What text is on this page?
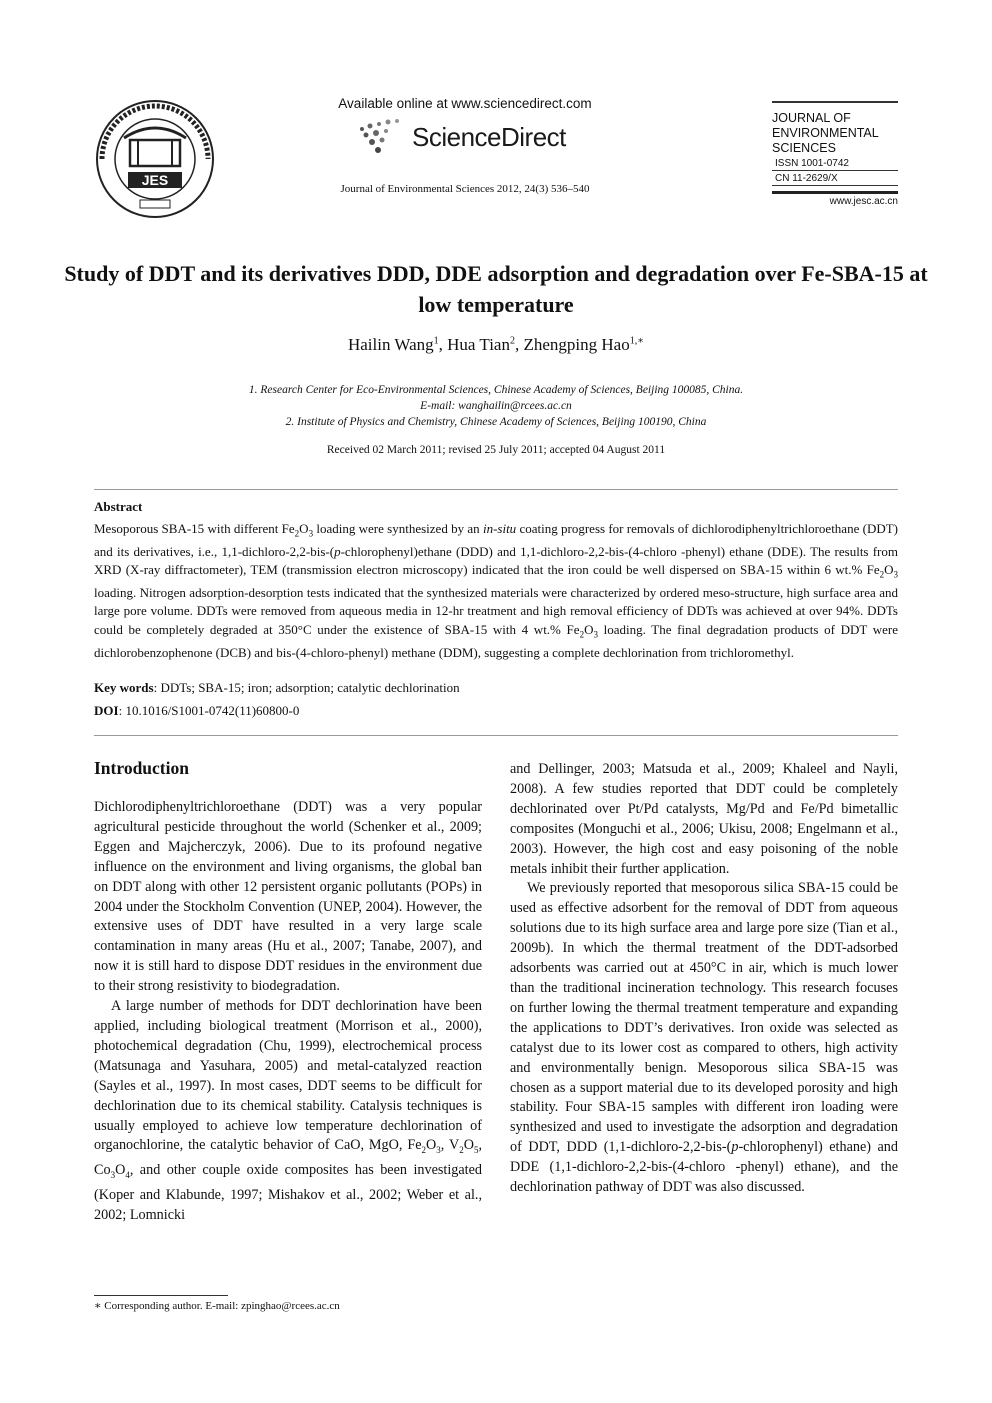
JES
Available online at www.sciencedirect.com
ScienceDirect
Journal of Environmental Sciences 2012, 24(3) 536–540
JOURNAL OF
ENVIRONMENTAL
SCIENCES
ISSN 1001-0742
CN 11-2629/X
www.jesc.ac.cn
Study of DDT and its derivatives DDD, DDE adsorption and degradation over Fe-SBA-15 at low temperature
Hailin Wang$^1$, Hua Tian$^2$, Zhengping Hao$^{1,∗}$
1. Research Center for Eco-Environmental Sciences, Chinese Academy of Sciences, Beijing 100085, China.
E-mail: wanghailin@rcees.ac.cn
2. Institute of Physics and Chemistry, Chinese Academy of Sciences, Beijing 100190, China
Received 02 March 2011; revised 25 July 2011; accepted 04 August 2011
Abstract
Mesoporous SBA-15 with different $Fe_2O_3$ loading were synthesized by an in-situ coating progress for removals of dichlorodiphenyltrichloroethane (DDT) and its derivatives, i.e., 1,1-dichloro-2,2-bis-(p-chlorophenyl)ethane (DDD) and 1,1-dichloro-2,2-bis-(4-chloro -phenyl) ethane (DDE). The results from XRD (X-ray diffractometer), TEM (transmission electron microscopy) indicated that the iron could be well dispersed on SBA-15 within 6 wt.% $Fe_2O_3$ loading. Nitrogen adsorption-desorption tests indicated that the synthesized materials were characterized by ordered meso-structure, high surface area and large pore volume. DDTs were removed from aqueous media in 12-hr treatment and high removal efficiency of DDTs was achieved at over 94%. DDTs could be completely degraded at 350°C under the existence of SBA-15 with 4 wt.% $Fe_2O_3$ loading. The final degradation products of DDT were dichlorobenzophenone (DCB) and bis-(4-chloro-phenyl) methane (DDM), suggesting a complete dechlorination from trichloromethyl.
Key words: DDTs; SBA-15; iron; adsorption; catalytic dechlorination
DOI: 10.1016/S1001-0742(11)60800-0
Introduction

Dichlorodiphenyltrichloroethane (DDT) was a very popular agricultural pesticide throughout the world (Schenker et al., 2009; Eggen and Majcherczyk, 2006). Due to its profound negative influence on the environment and living organisms, the global ban on DDT along with other 12 persistent organic pollutants (POPs) in 2004 under the Stockholm Convention (UNEP, 2004). However, the extensive uses of DDT have resulted in a very large scale contamination in many areas (Hu et al., 2007; Tanabe, 2007), and now it is still hard to dispose DDT residues in the environment due to their strong resistivity to biodegradation.

A large number of methods for DDT dechlorination have been applied, including biological treatment (Morrison et al., 2000), photochemical degradation (Chu, 1999), electrochemical process (Matsunaga and Yasuhara, 2005) and metal-catalyzed reaction (Sayles et al., 1997). In most cases, DDT seems to be difficult for dechlorination due to its chemical stability. Catalysis techniques is usually employed to achieve low temperature dechlorination of organochlorine, the catalytic behavior of CaO, MgO, $Fe_2O_3$, $V_2O_5$, $Co_3O_4$, and other couple oxide composites has been investigated (Koper and Klabunde, 1997; Mishakov et al., 2002; Weber et al., 2002; Lomnicki

and Dellinger, 2003; Matsuda et al., 2009; Khaleel and Nayli, 2008). A few studies reported that DDT could be completely dechlorinated over Pt/Pd catalysts, Mg/Pd and Fe/Pd bimetallic composites (Monguchi et al., 2006; Ukisu, 2008; Engelmann et al., 2003). However, the high cost and easy poisoning of the noble metals inhibit their further application.

We previously reported that mesoporous silica SBA-15 could be used as effective adsorbent for the removal of DDT from aqueous solutions due to its high surface area and large pore size (Tian et al., 2009b). In which the thermal treatment of the DDT-adsorbed adsorbents was carried out at 450°C in air, which is much lower than the traditional incineration technology. This research focuses on further lowing the thermal treatment temperature and expanding the applications to DDT’s derivatives. Iron oxide was selected as catalyst due to its lower cost as compared to others, high activity and environmentally benign. Mesoporous silica SBA-15 was chosen as a support material due to its developed porosity and high stability. Four SBA-15 samples with different iron loading were synthesized and used to investigate the adsorption and degradation of DDT, DDD (1,1-dichloro-2,2-bis-(p-chlorophenyl) ethane) and DDE (1,1-dichloro-2,2-bis-(4-chloro -phenyl) ethane), and the dechlorination pathway of DDT was also discussed.

∗ Corresponding author. E-mail: zpinghao@rcees.ac.cn
